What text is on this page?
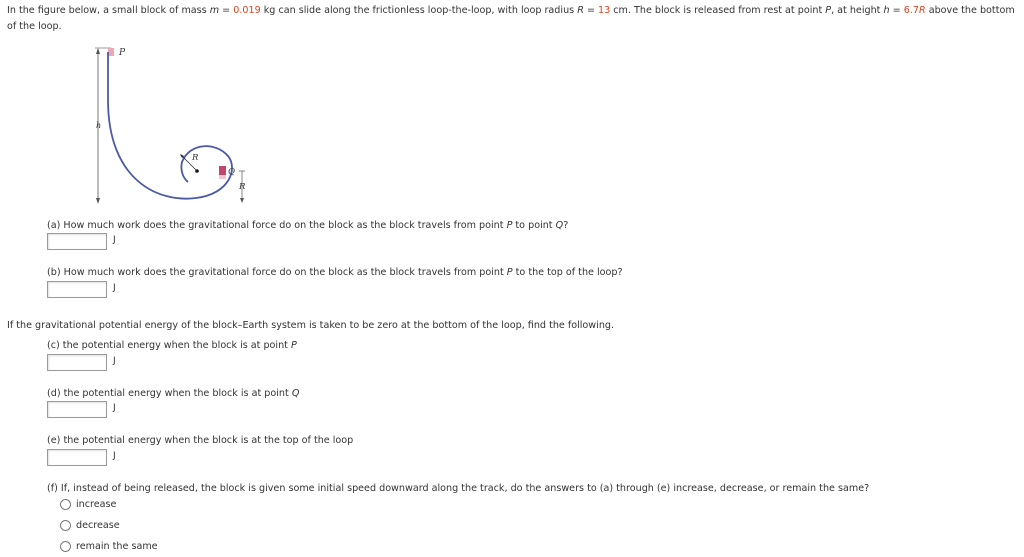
In the figure below, a small block of mass m = 0.019 kg can slide along the frictionless loop-the-loop, with loop radius R = 13 cm. The block is released from rest at point P, at height h = 6.7R above the bottom of the loop.
h
P
R
Q
R
(a) How much work does the gravitational force do on the block as the block travels from point P to point Q?
J
(b) How much work does the gravitational force do on the block as the block travels from point P to the top of the loop?
J
If the gravitational potential energy of the block–Earth system is taken to be zero at the bottom of the loop, find the following.
(c) the potential energy when the block is at point P
J
(d) the potential energy when the block is at point Q
J
(e) the potential energy when the block is at the top of the loop
J
(f) If, instead of being released, the block is given some initial speed downward along the track, do the answers to (a) through (e) increase, decrease, or remain the same?
increase
decrease
remain the same
